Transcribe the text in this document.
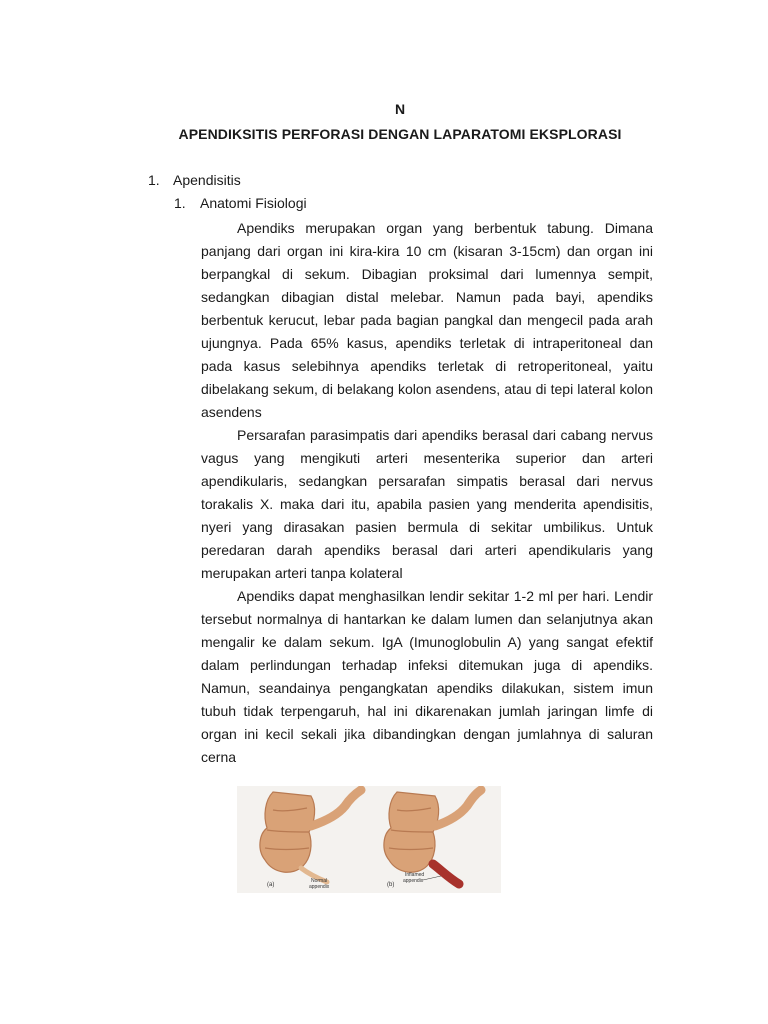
N
APENDIKSITIS PERFORASI DENGAN LAPARATOMI EKSPLORASI
1. Apendisitis
1. Anatomi Fisiologi

Apendiks merupakan organ yang berbentuk tabung. Dimana panjang dari organ ini kira-kira 10 cm (kisaran 3-15cm) dan organ ini berpangkal di sekum. Dibagian proksimal dari lumennya sempit, sedangkan dibagian distal melebar. Namun pada bayi, apendiks berbentuk kerucut, lebar pada bagian pangkal dan mengecil pada arah ujungnya. Pada 65% kasus, apendiks terletak di intraperitoneal dan pada kasus selebihnya apendiks terletak di retroperitoneal, yaitu dibelakang sekum, di belakang kolon asendens, atau di tepi lateral kolon asendens

Persarafan parasimpatis dari apendiks berasal dari cabang nervus vagus yang mengikuti arteri mesenterika superior dan arteri apendikularis, sedangkan persarafan simpatis berasal dari nervus torakalis X. maka dari itu, apabila pasien yang menderita apendisitis, nyeri yang dirasakan pasien bermula di sekitar umbilikus. Untuk peredaran darah apendiks berasal dari arteri apendikularis yang merupakan arteri tanpa kolateral

Apendiks dapat menghasilkan lendir sekitar 1-2 ml per hari. Lendir tersebut normalnya di hantarkan ke dalam lumen dan selanjutnya akan mengalir ke dalam sekum. IgA (Imunoglobulin A) yang sangat efektif dalam perlindungan terhadap infeksi ditemukan juga di apendiks. Namun, seandainya pengangkatan apendiks dilakukan, sistem imun tubuh tidak terpengaruh, hal ini dikarenakan jumlah jaringan limfe di organ ini kecil sekali jika dibandingkan dengan jumlahnya di saluran cerna

(a)
Normal
appendix	(b)
Inflamed
appendix
